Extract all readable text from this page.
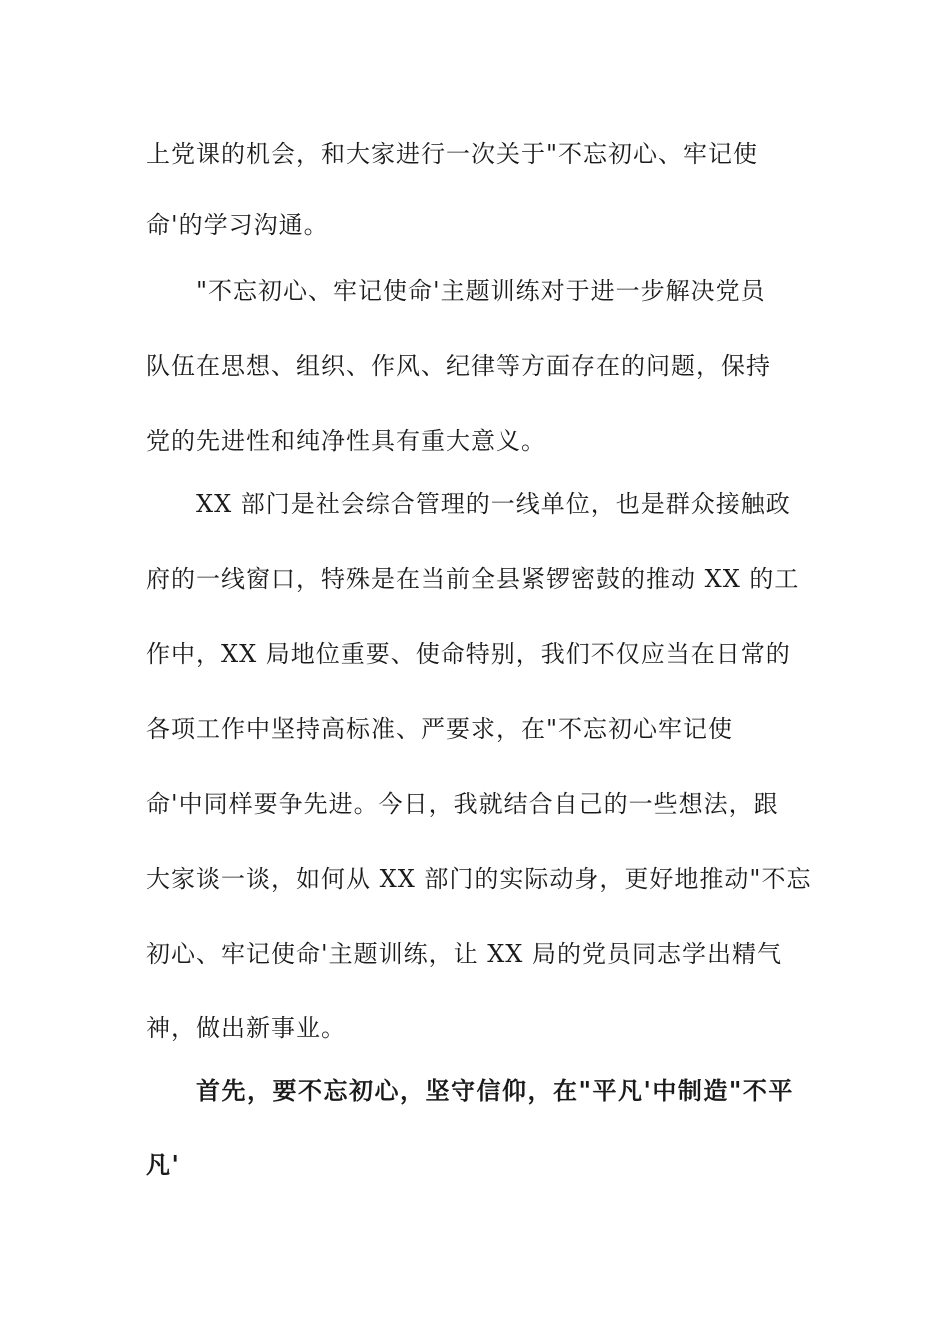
上党课的机会，和大家进行一次关于"不忘初心、牢记使
命'的学习沟通。
"不忘初心、牢记使命'主题训练对于进一步解决党员
队伍在思想、组织、作风、纪律等方面存在的问题，保持
党的先进性和纯净性具有重大意义。
XX 部门是社会综合管理的一线单位，也是群众接触政
府的一线窗口，特殊是在当前全县紧锣密鼓的推动 XX 的工
作中，XX 局地位重要、使命特别，我们不仅应当在日常的
各项工作中坚持高标准、严要求，在"不忘初心牢记使
命'中同样要争先进。今日，我就结合自己的一些想法，跟
大家谈一谈，如何从 XX 部门的实际动身，更好地推动"不忘
初心、牢记使命'主题训练，让 XX 局的党员同志学出精气
神，做出新事业。
首先，要不忘初心，坚守信仰，在"平凡'中制造"不平
凡'
